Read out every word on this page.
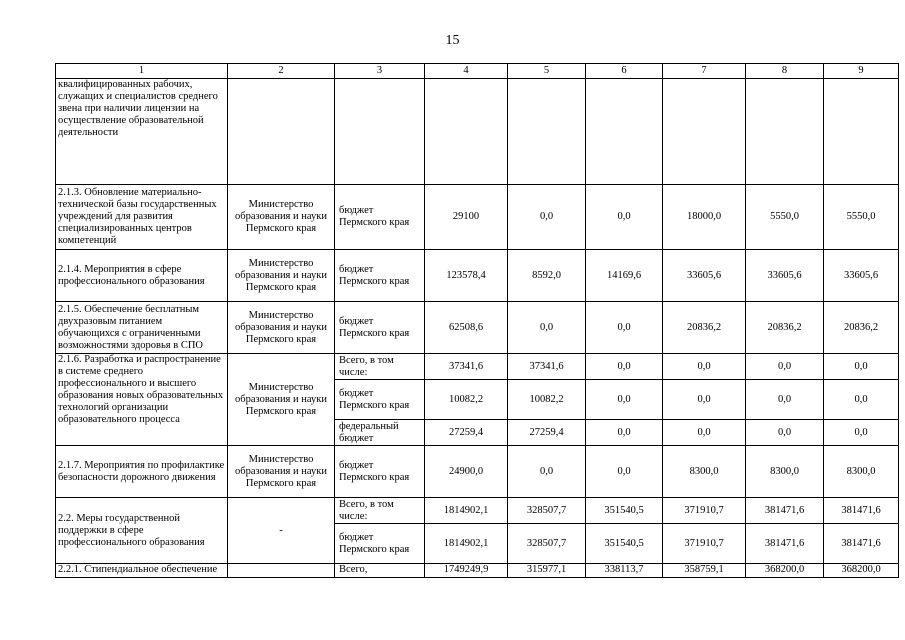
15
1	2	3	4	5	6	7	8	9
квалифицированных рабочих, служащих и специалистов среднего звена при наличии лицензии на осуществление образовательной деятельности								
2.1.3. Обновление материально-технической базы государственных учреждений для развития специализированных центров компетенций	Министерство образования и науки Пермского края	бюджет Пермского края	29100	0,0	0,0	18000,0	5550,0	5550,0
2.1.4. Мероприятия в сфере профессионального образования	Министерство образования и науки Пермского края	бюджет Пермского края	123578,4	8592,0	14169,6	33605,6	33605,6	33605,6
2.1.5. Обеспечение бесплатным двухразовым питанием обучающихся с ограниченными возможностями здоровья в СПО	Министерство образования и науки Пермского края	бюджет Пермского края	62508,6	0,0	0,0	20836,2	20836,2	20836,2
2.1.6. Разработка и распространение в системе среднего профессионального и высшего образования новых образовательных технологий организации образовательного процесса	Министерство образования и науки Пермского края	Всего, в том числе:	37341,6	37341,6	0,0	0,0	0,0	0,0
		бюджет Пермского края	10082,2	10082,2	0,0	0,0	0,0	0,0
		федеральный бюджет	27259,4	27259,4	0,0	0,0	0,0	0,0
2.1.7. Мероприятия по профилактике безопасности дорожного движения	Министерство образования и науки Пермского края	бюджет Пермского края	24900,0	0,0	0,0	8300,0	8300,0	8300,0
2.2. Меры государственной поддержки в сфере профессионального образования	-	Всего, в том числе:	1814902,1	328507,7	351540,5	371910,7	381471,6	381471,6
		бюджет Пермского края	1814902,1	328507,7	351540,5	371910,7	381471,6	381471,6
2.2.1. Стипендиальное обеспечение		Всего,	1749249,9	315977,1	338113,7	358759,1	368200,0	368200,0
